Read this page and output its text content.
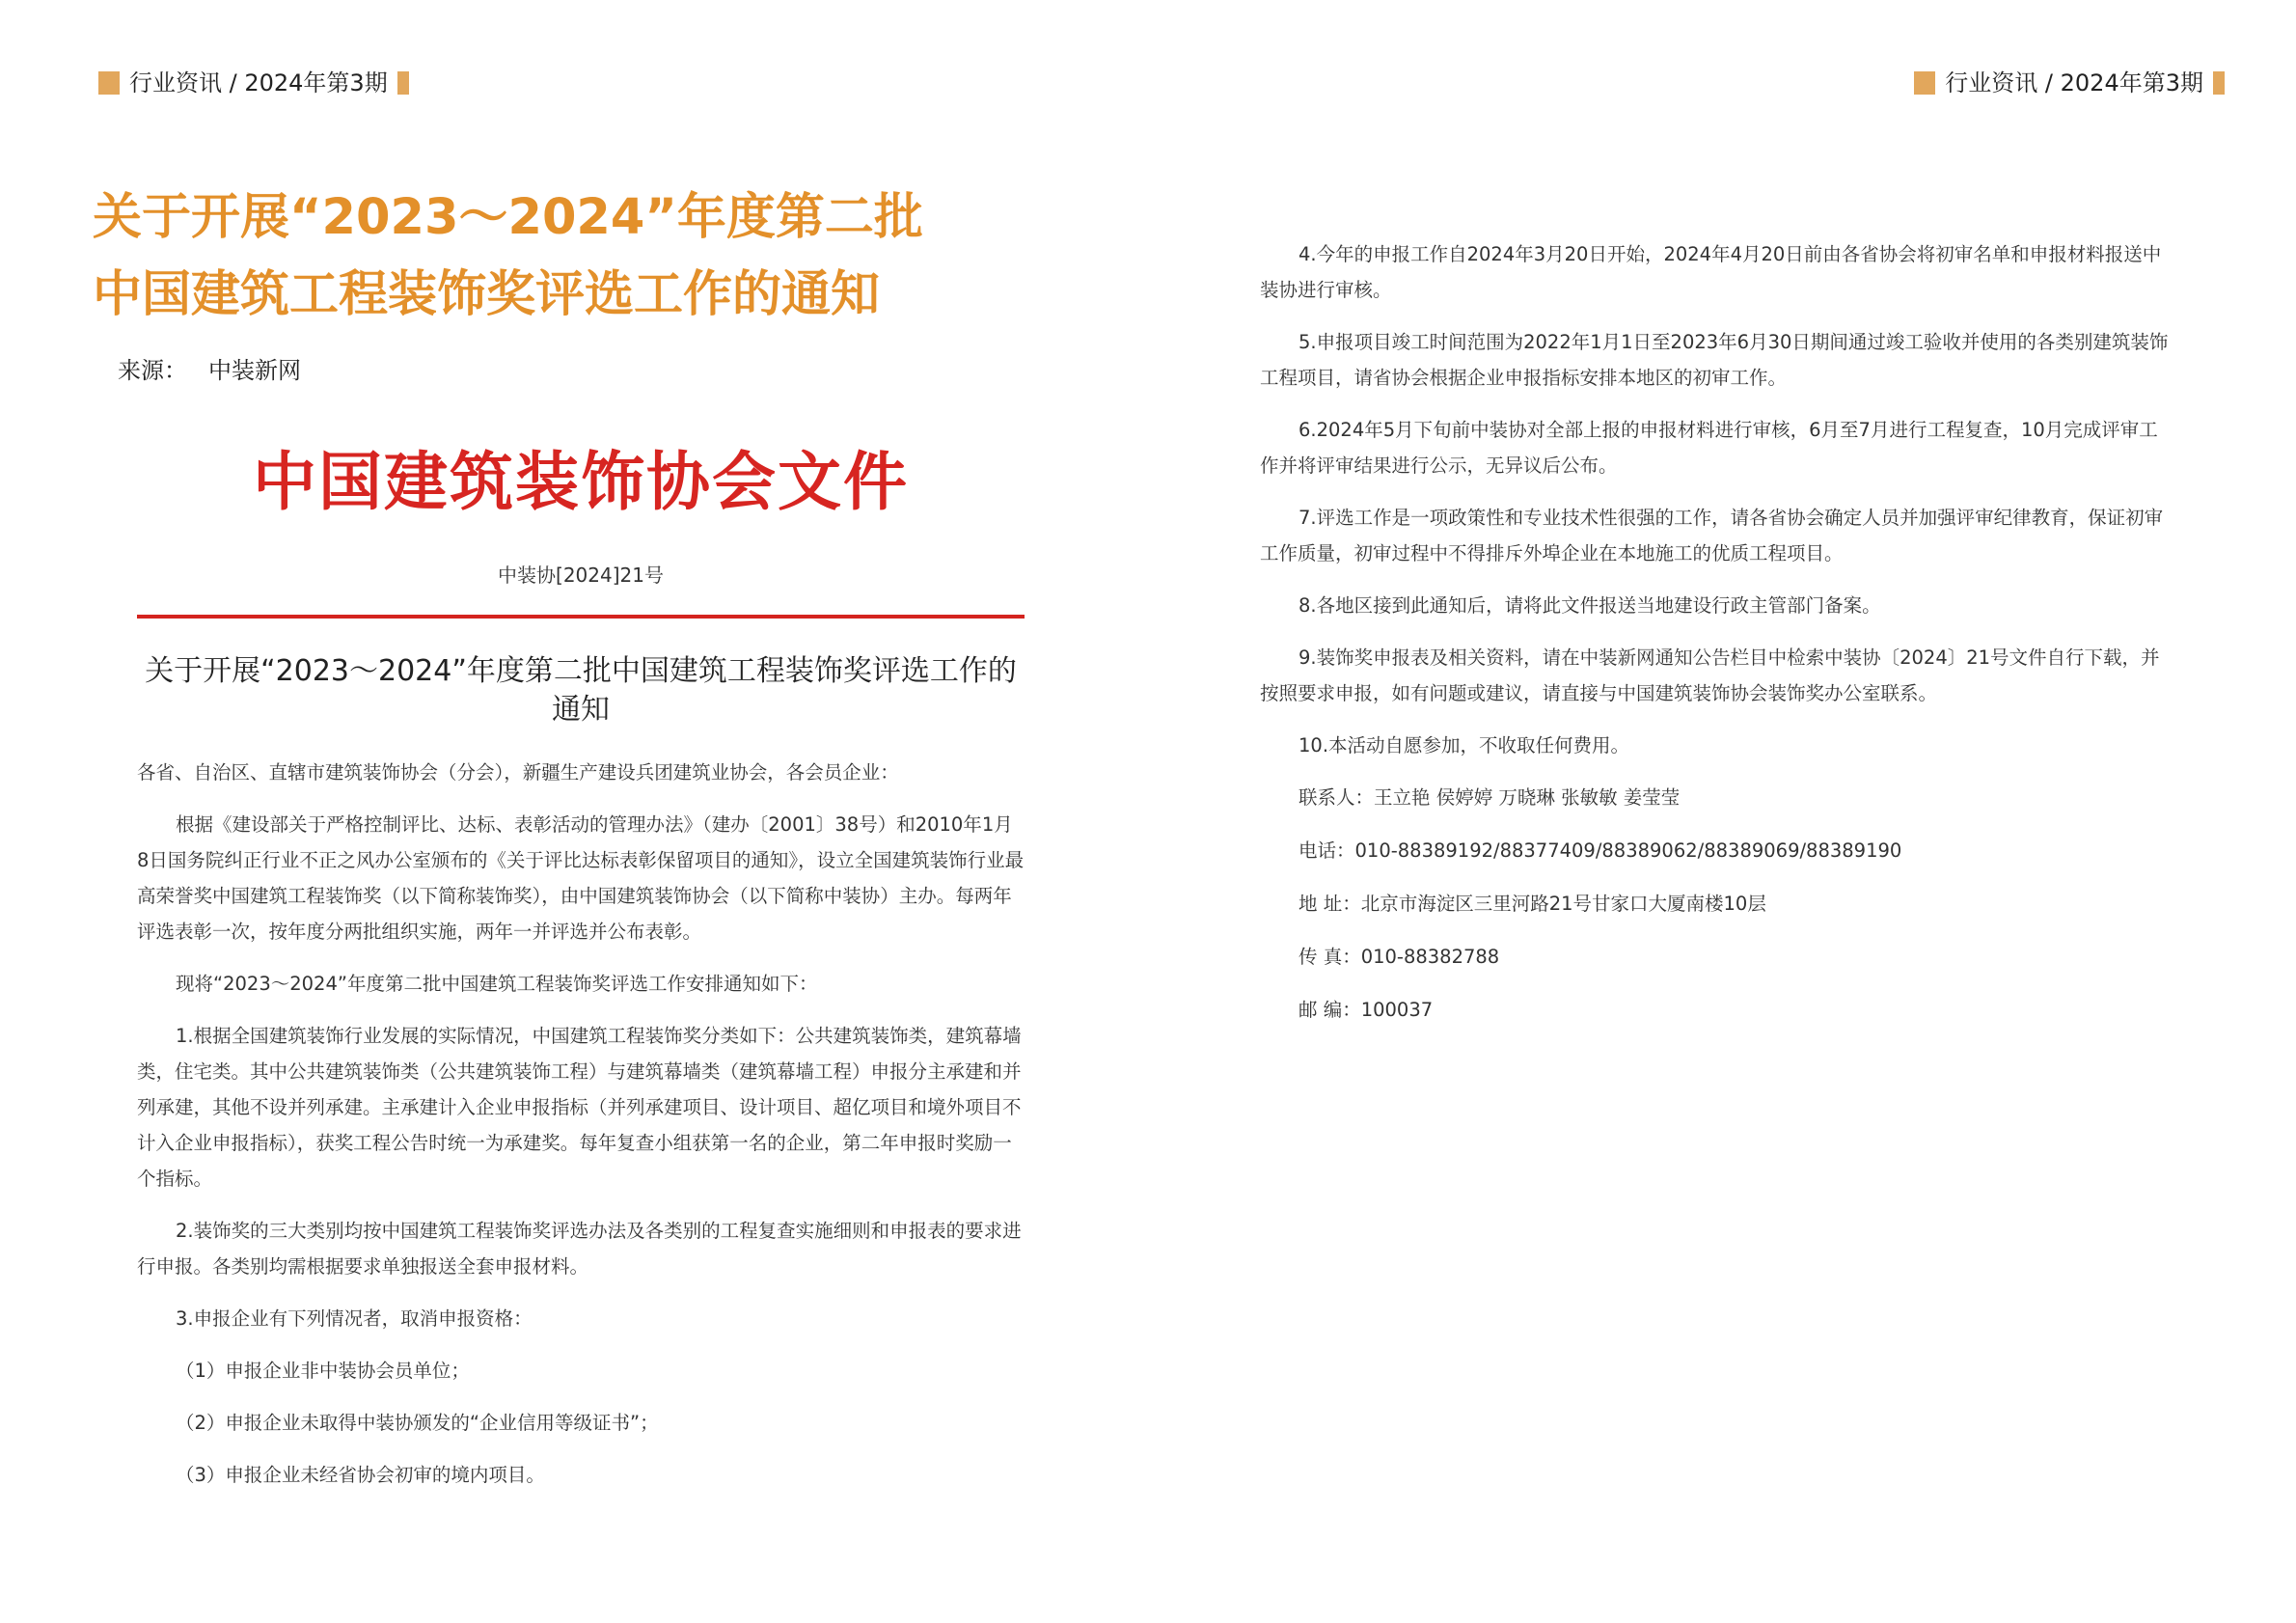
行业资讯 / 2024年第3期	行业资讯 / 2024年第3期
关于开展“2023～2024”年度第二批
中国建筑工程装饰奖评选工作的通知
来源： 中装新网
中国建筑装饰协会文件
中装协[2024]21号
关于开展“2023～2024”年度第二批中国建筑工程装饰奖评选工作的通知

各省、自治区、直辖市建筑装饰协会（分会），新疆生产建设兵团建筑业协会，各会员企业：

根据《建设部关于严格控制评比、达标、表彰活动的管理办法》（建办〔2001〕38号）和2010年1月8日国务院纠正行业不正之风办公室颁布的《关于评比达标表彰保留项目的通知》，设立全国建筑装饰行业最高荣誉奖中国建筑工程装饰奖（以下简称装饰奖），由中国建筑装饰协会（以下简称中装协）主办。每两年评选表彰一次，按年度分两批组织实施，两年一并评选并公布表彰。

现将“2023～2024”年度第二批中国建筑工程装饰奖评选工作安排通知如下：

1.根据全国建筑装饰行业发展的实际情况，中国建筑工程装饰奖分类如下：公共建筑装饰类，建筑幕墙类，住宅类。其中公共建筑装饰类（公共建筑装饰工程）与建筑幕墙类（建筑幕墙工程）申报分主承建和并列承建，其他不设并列承建。主承建计入企业申报指标（并列承建项目、设计项目、超亿项目和境外项目不计入企业申报指标），获奖工程公告时统一为承建奖。每年复查小组获第一名的企业，第二年申报时奖励一个指标。

2.装饰奖的三大类别均按中国建筑工程装饰奖评选办法及各类别的工程复查实施细则和申报表的要求进行申报。各类别均需根据要求单独报送全套申报材料。

3.申报企业有下列情况者，取消申报资格：

（1）申报企业非中装协会员单位；

（2）申报企业未取得中装协颁发的“企业信用等级证书”；

（3）申报企业未经省协会初审的境内项目。

4.今年的申报工作自2024年3月20日开始，2024年4月20日前由各省协会将初审名单和申报材料报送中装协进行审核。

5.申报项目竣工时间范围为2022年1月1日至2023年6月30日期间通过竣工验收并使用的各类别建筑装饰工程项目，请省协会根据企业申报指标安排本地区的初审工作。

6.2024年5月下旬前中装协对全部上报的申报材料进行审核，6月至7月进行工程复查，10月完成评审工作并将评审结果进行公示，无异议后公布。

7.评选工作是一项政策性和专业技术性很强的工作，请各省协会确定人员并加强评审纪律教育，保证初审工作质量，初审过程中不得排斥外埠企业在本地施工的优质工程项目。

8.各地区接到此通知后，请将此文件报送当地建设行政主管部门备案。

9.装饰奖申报表及相关资料，请在中装新网通知公告栏目中检索中装协〔2024〕21号文件自行下载，并按照要求申报，如有问题或建议，请直接与中国建筑装饰协会装饰奖办公室联系。

10.本活动自愿参加，不收取任何费用。

联系人：王立艳 侯婷婷 万晓琳 张敏敏 姜莹莹

电话：010-88389192/88377409/88389062/88389069/88389190

地 址：北京市海淀区三里河路21号甘家口大厦南楼10层

传 真：010-88382788

邮 编：100037
